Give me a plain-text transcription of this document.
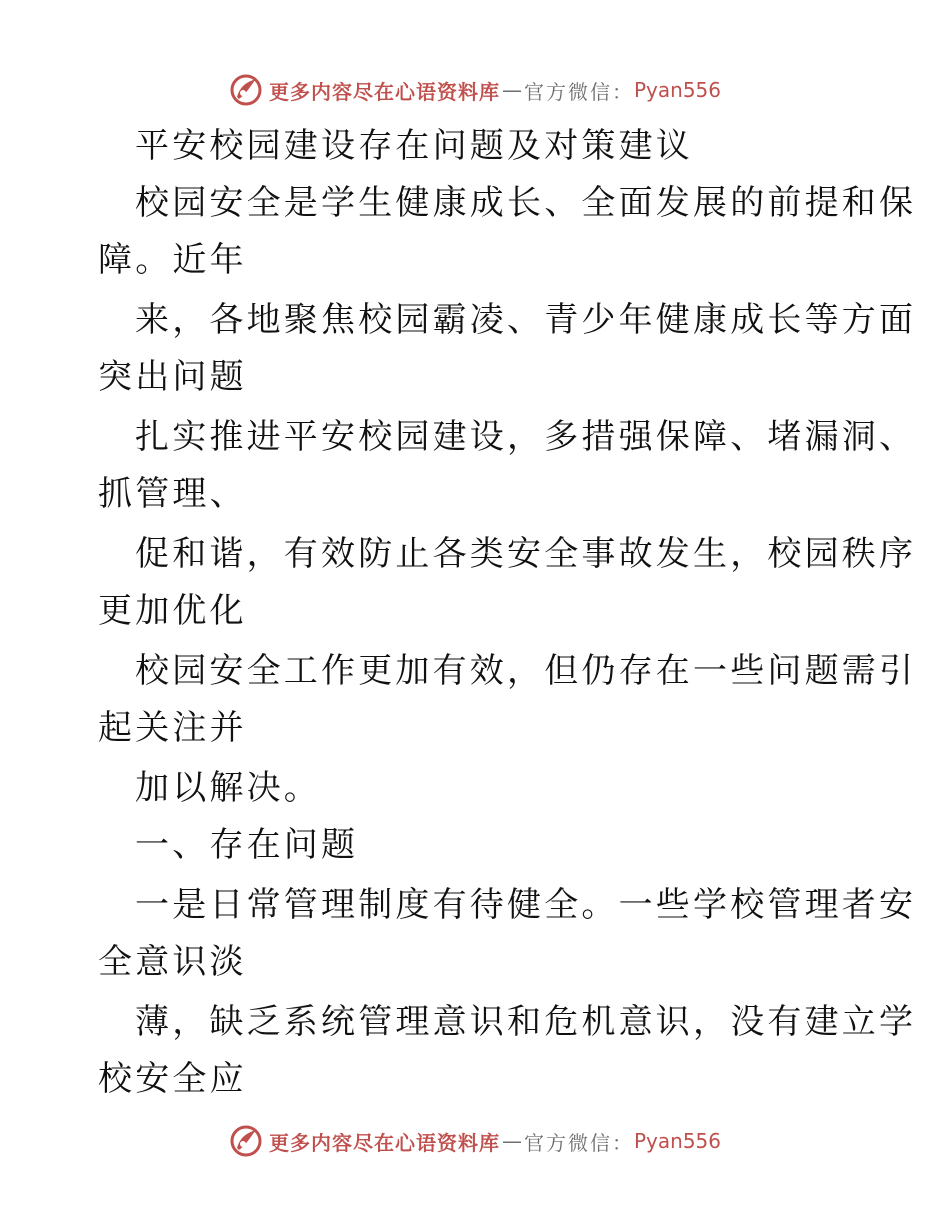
更多内容尽在心语资料库 — 官方微信： Pyan556
平安校园建设存在问题及对策建议
校园安全是学生健康成长、全面发展的前提和保
障。近年
来，各地聚焦校园霸凌、青少年健康成长等方面
突出问题
扎实推进平安校园建设，多措强保障、堵漏洞、
抓管理、
促和谐，有效防止各类安全事故发生，校园秩序
更加优化
校园安全工作更加有效，但仍存在一些问题需引
起关注并
加以解决。
一、存在问题
一是日常管理制度有待健全。一些学校管理者安
全意识淡
薄，缺乏系统管理意识和危机意识，没有建立学
校安全应
更多内容尽在心语资料库 — 官方微信： Pyan556
